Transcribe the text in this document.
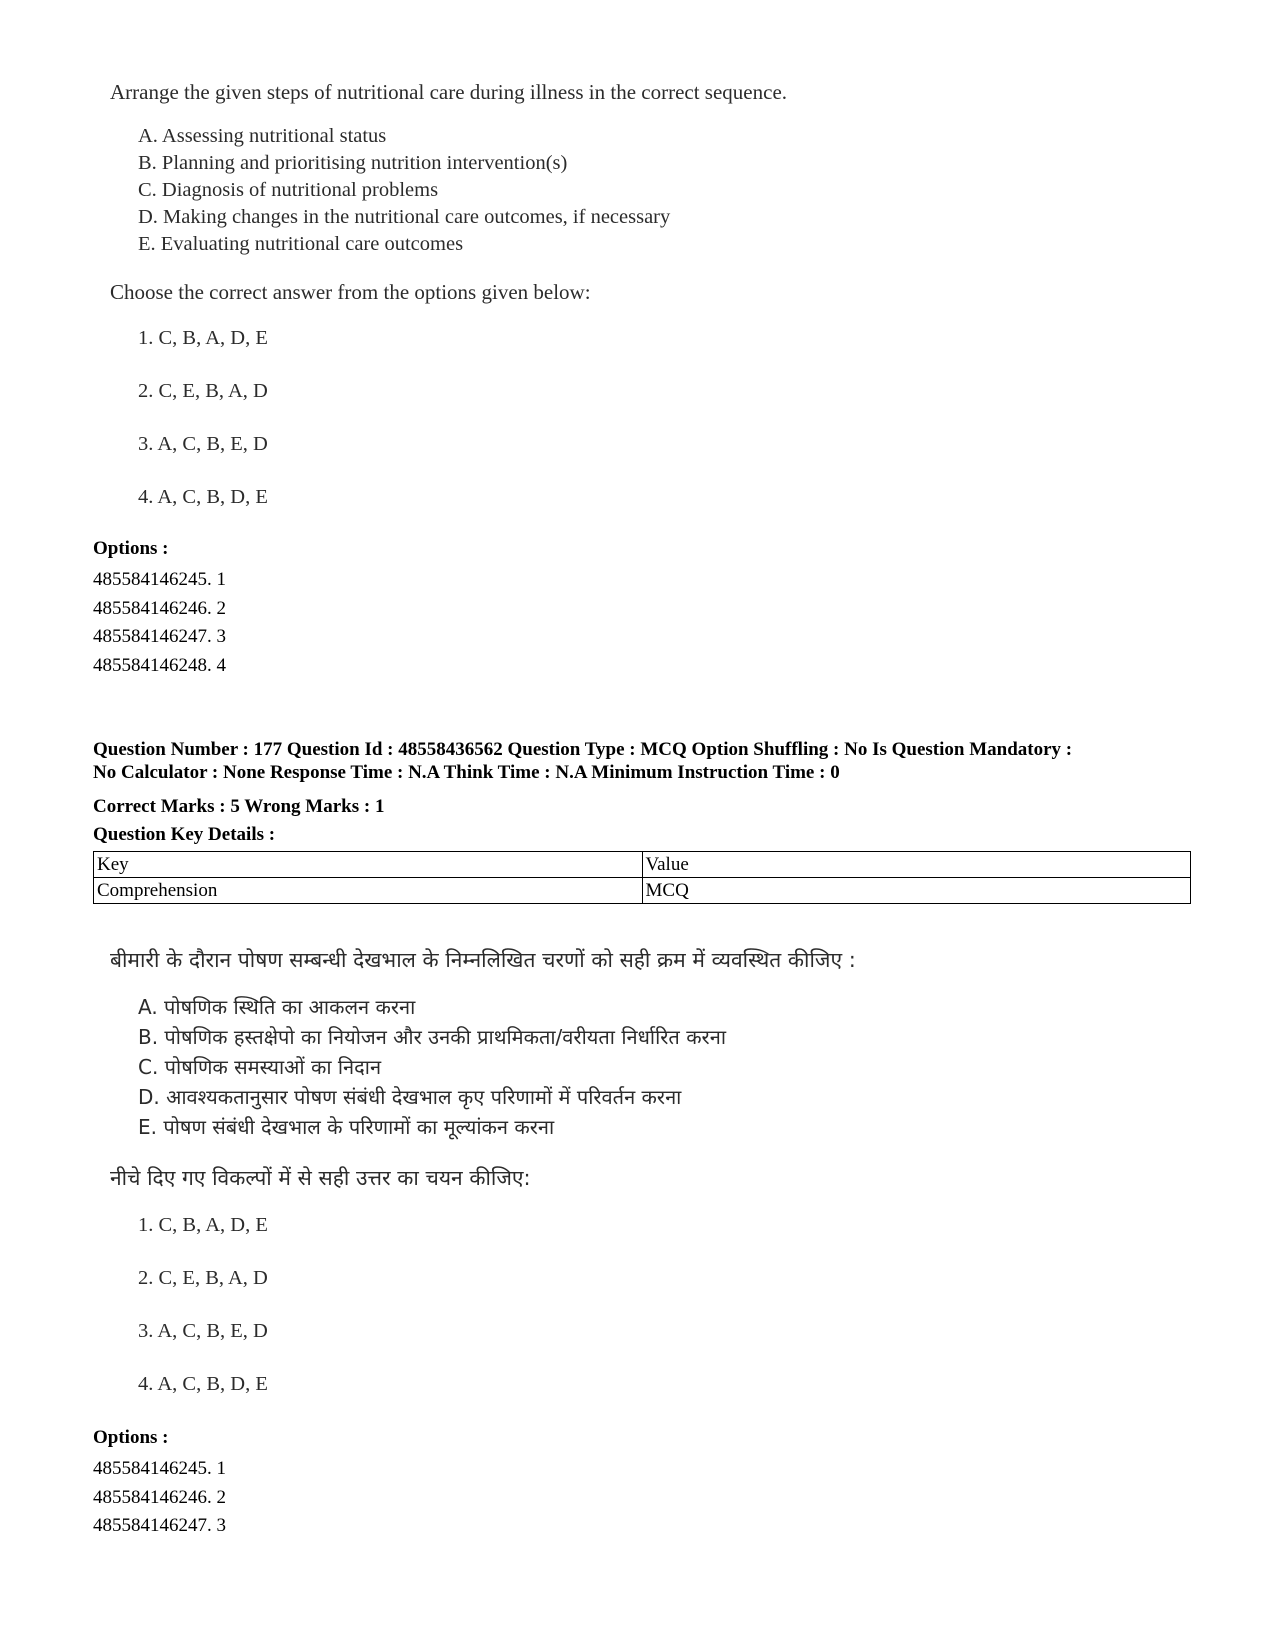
Arrange the given steps of nutritional care during illness in the correct sequence.

A. Assessing nutritional status
B. Planning and prioritising nutrition intervention(s)
C. Diagnosis of nutritional problems
D. Making changes in the nutritional care outcomes, if necessary
E. Evaluating nutritional care outcomes

Choose the correct answer from the options given below:

1. C, B, A, D, E
2. C, E, B, A, D
3. A, C, B, E, D
4. A, C, B, D, E
Options :
485584146245. 1
485584146246. 2
485584146247. 3
485584146248. 4
Question Number : 177 Question Id : 48558436562 Question Type : MCQ Option Shuffling : No Is Question Mandatory :
No Calculator : None Response Time : N.A Think Time : N.A Minimum Instruction Time : 0
Correct Marks : 5 Wrong Marks : 1
Question Key Details :
Key	Value
Comprehension	MCQ

बीमारी के दौरान पोषण सम्बन्धी देखभाल के निम्नलिखित चरणों को सही क्रम में व्यवस्थित कीजिए :

A. पोषणिक स्थिति का आकलन करना
B. पोषणिक हस्तक्षेपो का नियोजन और उनकी प्राथमिकता/वरीयता निर्धारित करना
C. पोषणिक समस्याओं का निदान
D. आवश्यकतानुसार पोषण संबंधी देखभाल कृए परिणामों में परिवर्तन करना
E. पोषण संबंधी देखभाल के परिणामों का मूल्यांकन करना

नीचे दिए गए विकल्पों में से सही उत्तर का चयन कीजिए:

1. C, B, A, D, E
2. C, E, B, A, D
3. A, C, B, E, D
4. A, C, B, D, E
Options :
485584146245. 1
485584146246. 2
485584146247. 3
